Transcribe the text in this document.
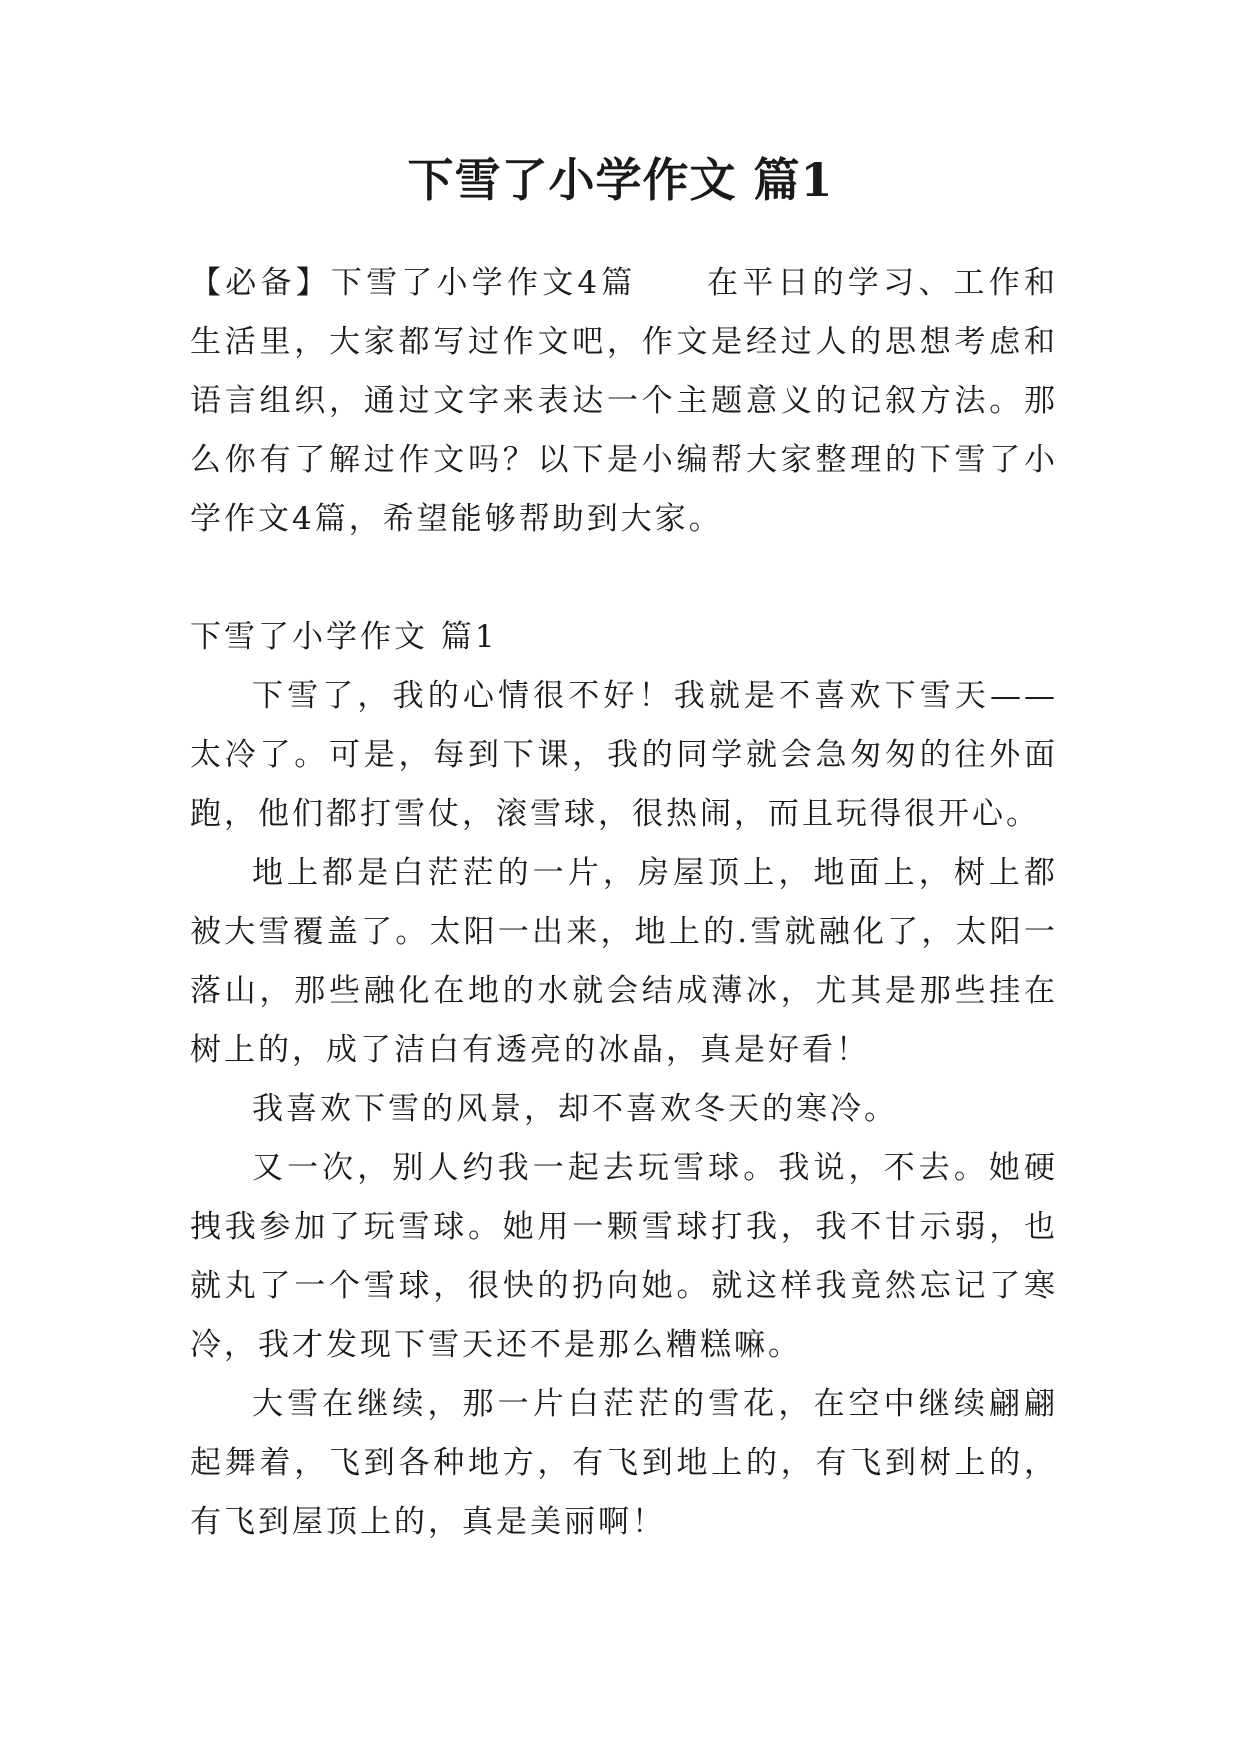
下雪了小学作文 篇1

【必备】下雪了小学作文4篇　　在平日的学习、工作和生活里，大家都写过作文吧，作文是经过人的思想考虑和语言组织，通过文字来表达一个主题意义的记叙方法。那么你有了解过作文吗？以下是小编帮大家整理的下雪了小学作文4篇，希望能够帮助到大家。

下雪了小学作文 篇1

下雪了，我的心情很不好！我就是不喜欢下雪天——太冷了。可是，每到下课，我的同学就会急匆匆的往外面跑，他们都打雪仗，滚雪球，很热闹，而且玩得很开心。

地上都是白茫茫的一片，房屋顶上，地面上，树上都被大雪覆盖了。太阳一出来，地上的.雪就融化了，太阳一落山，那些融化在地的水就会结成薄冰，尤其是那些挂在树上的，成了洁白有透亮的冰晶，真是好看！

我喜欢下雪的风景，却不喜欢冬天的寒冷。

又一次，别人约我一起去玩雪球。我说，不去。她硬拽我参加了玩雪球。她用一颗雪球打我，我不甘示弱，也就丸了一个雪球，很快的扔向她。就这样我竟然忘记了寒冷，我才发现下雪天还不是那么糟糕嘛。

大雪在继续，那一片白茫茫的雪花，在空中继续翩翩起舞着，飞到各种地方，有飞到地上的，有飞到树上的，有飞到屋顶上的，真是美丽啊！
